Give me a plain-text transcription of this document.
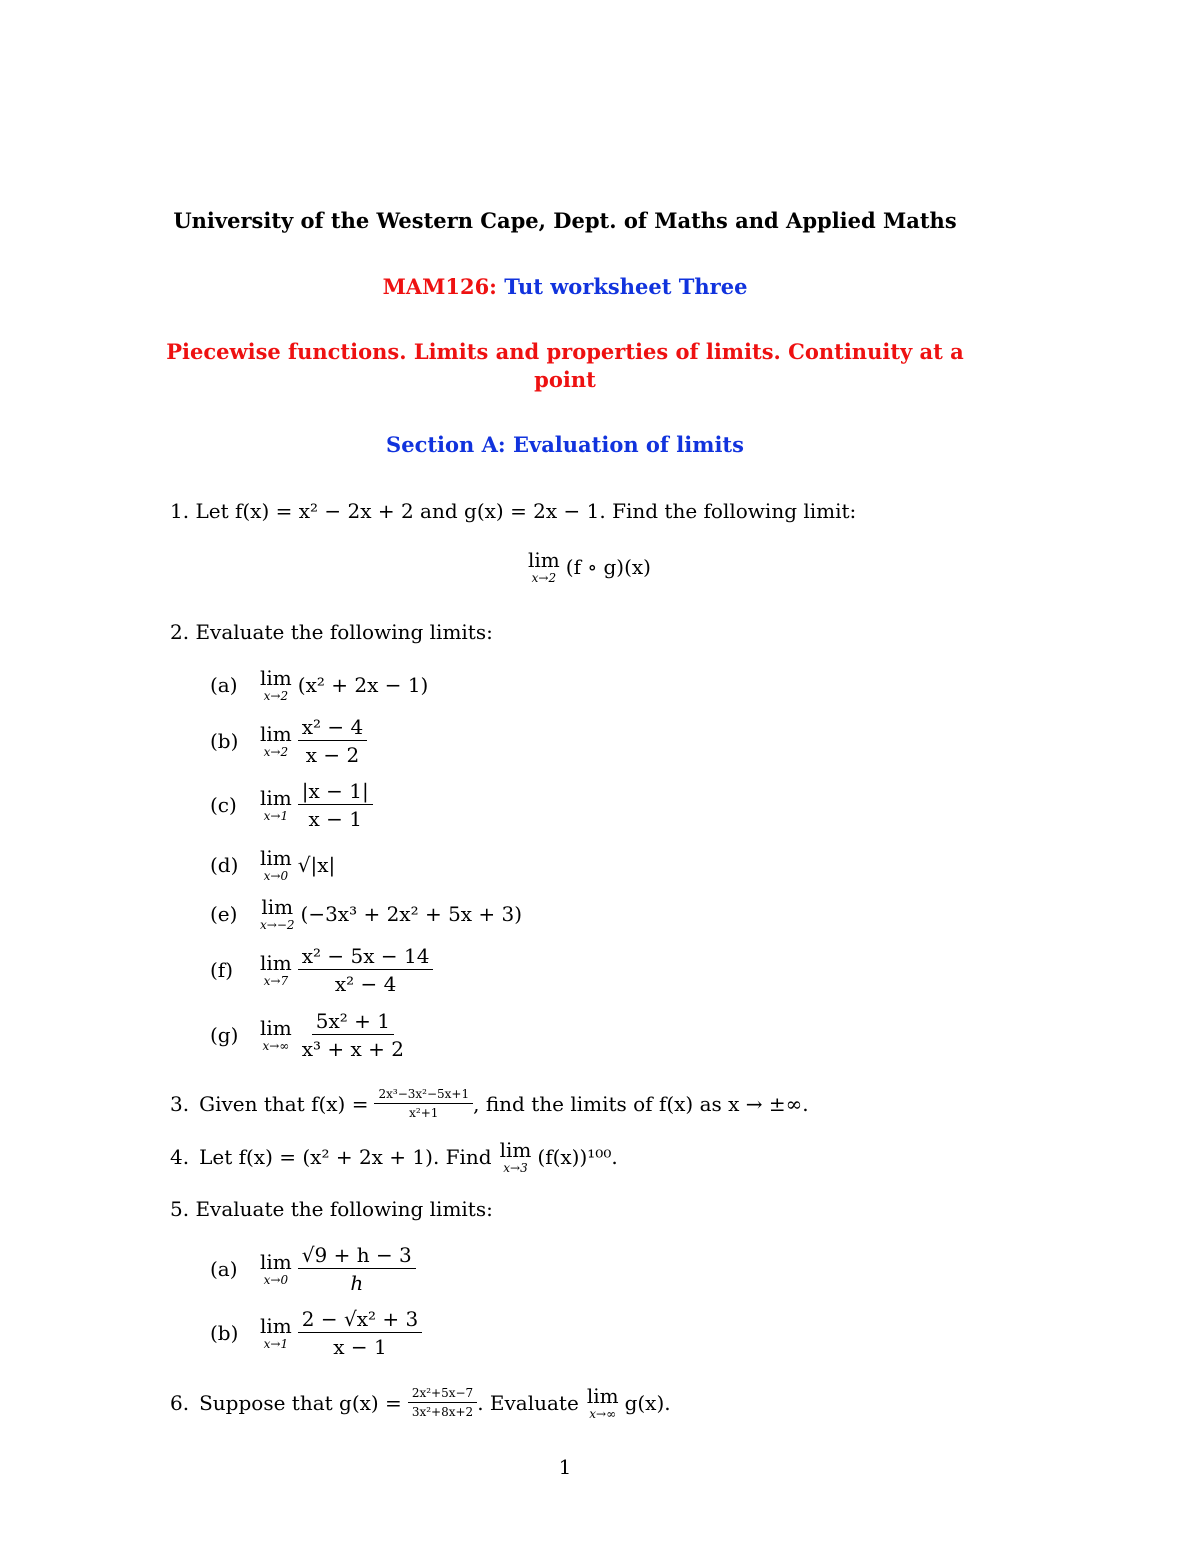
University of the Western Cape, Dept. of Maths and Applied Maths
MAM126: Tut worksheet Three
Piecewise functions. Limits and properties of limits. Continuity at a
point
Section A: Evaluation of limits
1. Let f(x) = x² − 2x + 2 and g(x) = 2x − 1. Find the following limit:
lim
x→2 (f ∘ g)(x)
2. Evaluate the following limits:
(a)	lim
x→2 (x² + 2x − 1)
(b)	lim
$x\to 2 \frac{\text{x² − 4}}{x - 2}$
(c)	lim
$x\to 1 \frac{|x - 1|}{x - 1}$
(d)	lim
x→0 √|x|
(e)	lim
x→−2 (−3x³ + 2x² + 5x + 3)
(f)	lim
$x\to 7 \frac{\text{x² − 5x − 14}}{\text{x² − 4}}$
(g)	lim
$x\to\infty \frac{\text{5x² + 1}}{\text{x³ + x + 2}}$
3. Given that $f(x) = \frac{\text{2x³−3x²−5x+1}}{\text{x²+1}}$ , find the limits of f(x) as x → ±∞.
4. Let f(x) = (x² + 2x + 1). Find lim
x→3 (f(x))¹⁰⁰.
5. Evaluate the following limits:
(a)	lim
$x\to 0 \frac{√9 + h - 3}{h}$
(b)	lim
$x\to 1 \frac{\text{2 − √x² + 3}}{x - 1}$
6. Suppose that $g(x) = \frac{\text{2x²+5x−7}}{\text{3x²+8x+2}}$ . Evaluate lim
x→∞ g(x).
1
